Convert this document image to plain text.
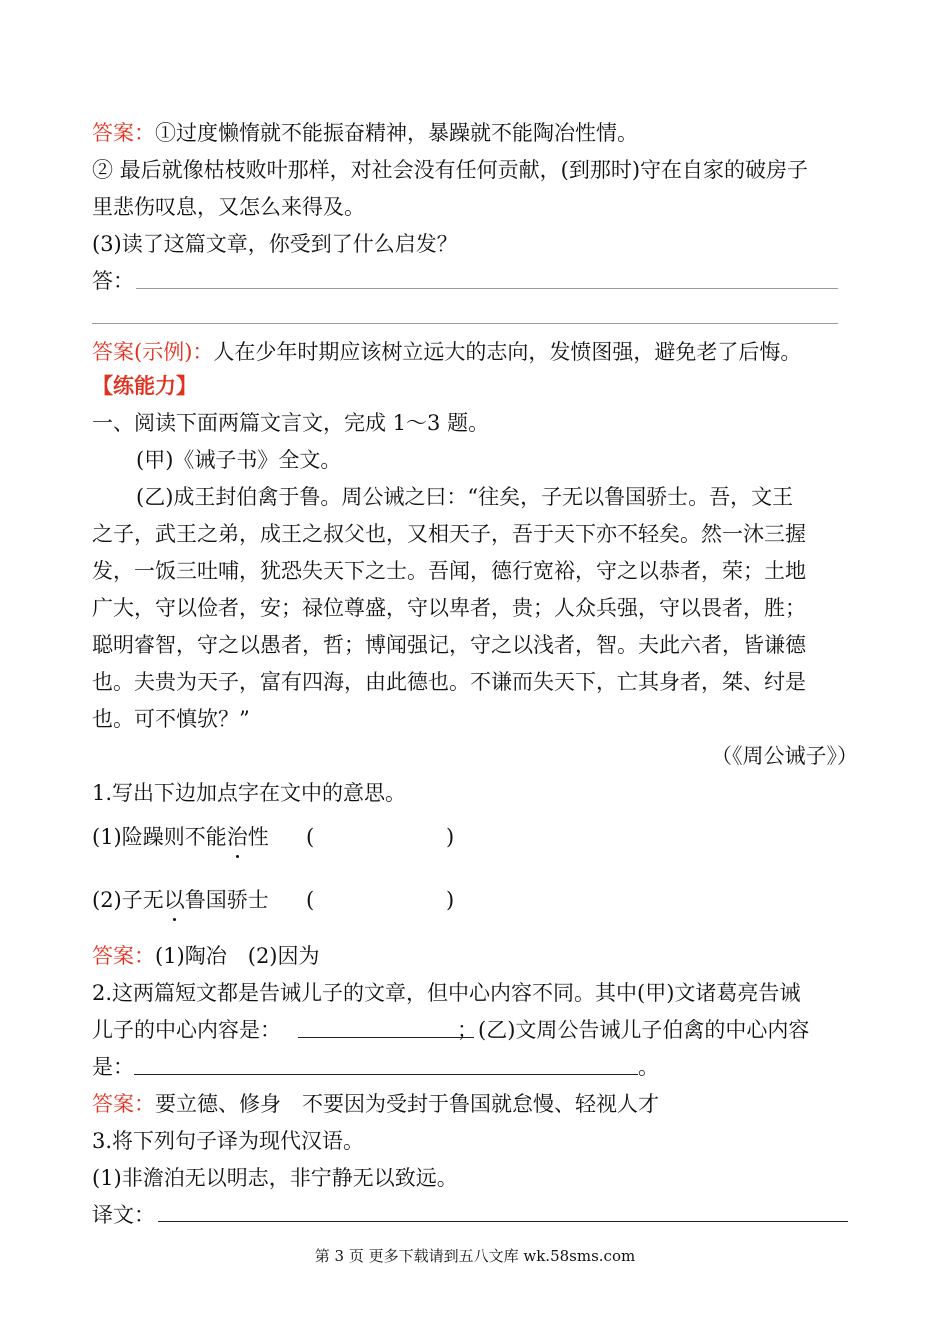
答案：①过度懒惰就不能振奋精神，暴躁就不能陶冶性情。
② 最后就像枯枝败叶那样，对社会没有任何贡献，(到那时)守在自家的破房子
里悲伤叹息，又怎么来得及。
(3)读了这篇文章，你受到了什么启发？
答：
答案(示例)：人在少年时期应该树立远大的志向，发愤图强，避免老了后悔。
【练能力】
一、阅读下面两篇文言文，完成 1～3 题。
(甲)《诫子书》全文。
(乙)成王封伯禽于鲁。周公诫之曰：“往矣，子无以鲁国骄士。吾，文王
之子，武王之弟，成王之叔父也，又相天子，吾于天下亦不轻矣。然一沐三握
发，一饭三吐哺，犹恐失天下之士。吾闻，德行宽裕，守之以恭者，荣；土地
广大，守以俭者，安；禄位尊盛，守以卑者，贵；人众兵强，守以畏者，胜；
聪明睿智，守之以愚者，哲；博闻强记，守之以浅者，智。夫此六者，皆谦德
也。夫贵为天子，富有四海，由此德也。不谦而失天下，亡其身者，桀、纣是
也。可不慎欤？”
（《周公诫子》）
1.写出下边加点字在文中的意思。
(1)险躁则不能治性 (	)
(2)子无以鲁国骄士 (	)
答案：(1)陶冶　(2)因为
2.这两篇短文都是告诫儿子的文章，但中心内容不同。其中(甲)文诸葛亮告诫
儿子的中心内容是：	；(乙)文周公告诫儿子伯禽的中心内容
是：	。
答案：要立德、修身　不要因为受封于鲁国就怠慢、轻视人才
3.将下列句子译为现代汉语。
(1)非澹泊无以明志，非宁静无以致远。
译文：
第 3 页 更多下载请到五八文库 wk.58sms.com
